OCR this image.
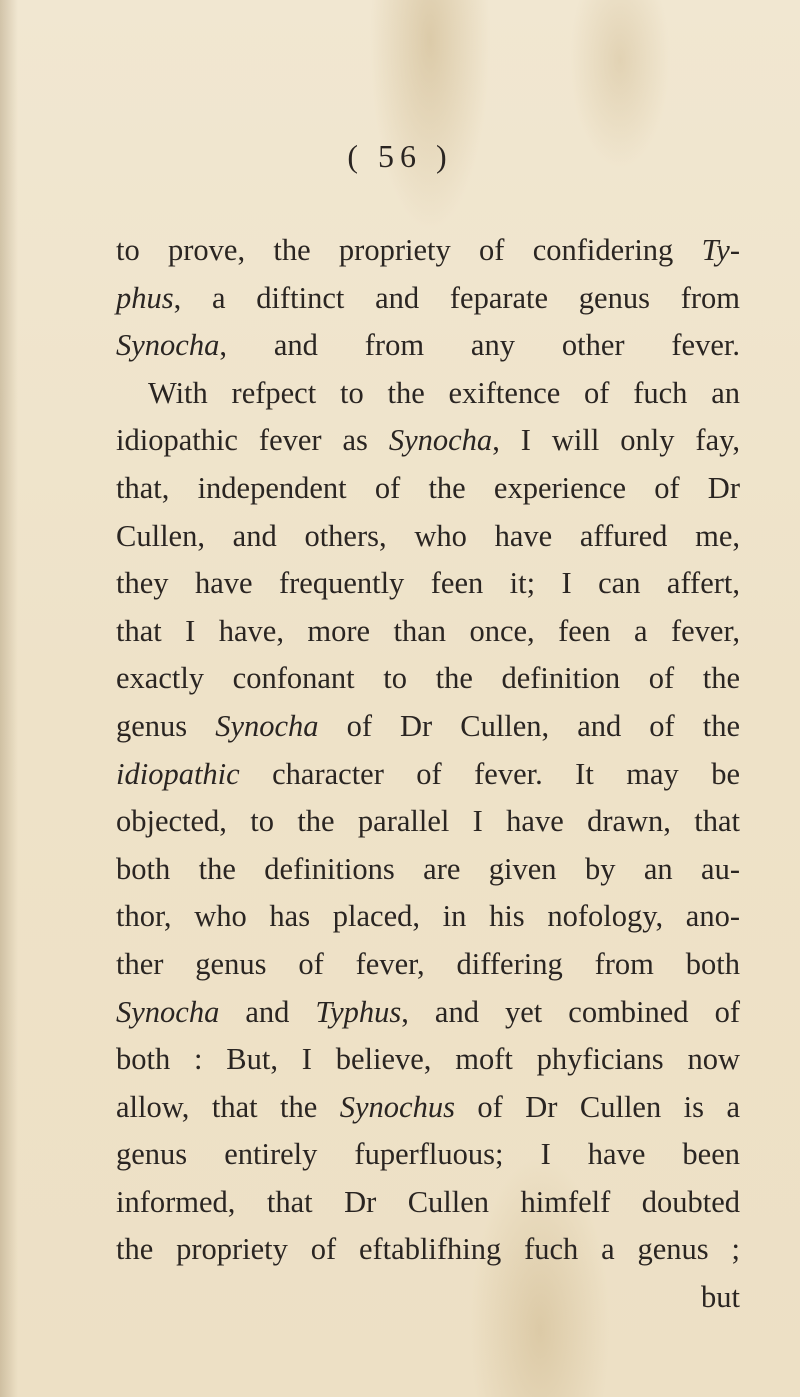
( 56 )
to prove, the propriety of confidering Ty-
phus, a diftinct and feparate genus from
Synocha, and from any other fever.
With refpect to the exiftence of fuch an
idiopathic fever as Synocha, I will only fay,
that, independent of the experience of Dr
Cullen, and others, who have affured me,
they have frequently feen it; I can affert,
that I have, more than once, feen a fever,
exactly confonant to the definition of the
genus Synocha of Dr Cullen, and of the
idiopathic character of fever. It may be
objected, to the parallel I have drawn, that
both the definitions are given by an au-
thor, who has placed, in his nofology, ano-
ther genus of fever, differing from both
Synocha and Typhus, and yet combined of
both : But, I believe, moft phyficians now
allow, that the Synochus of Dr Cullen is a
genus entirely fuperfluous; I have been
informed, that Dr Cullen himfelf doubted
the propriety of eftablifhing fuch a genus ;
but
